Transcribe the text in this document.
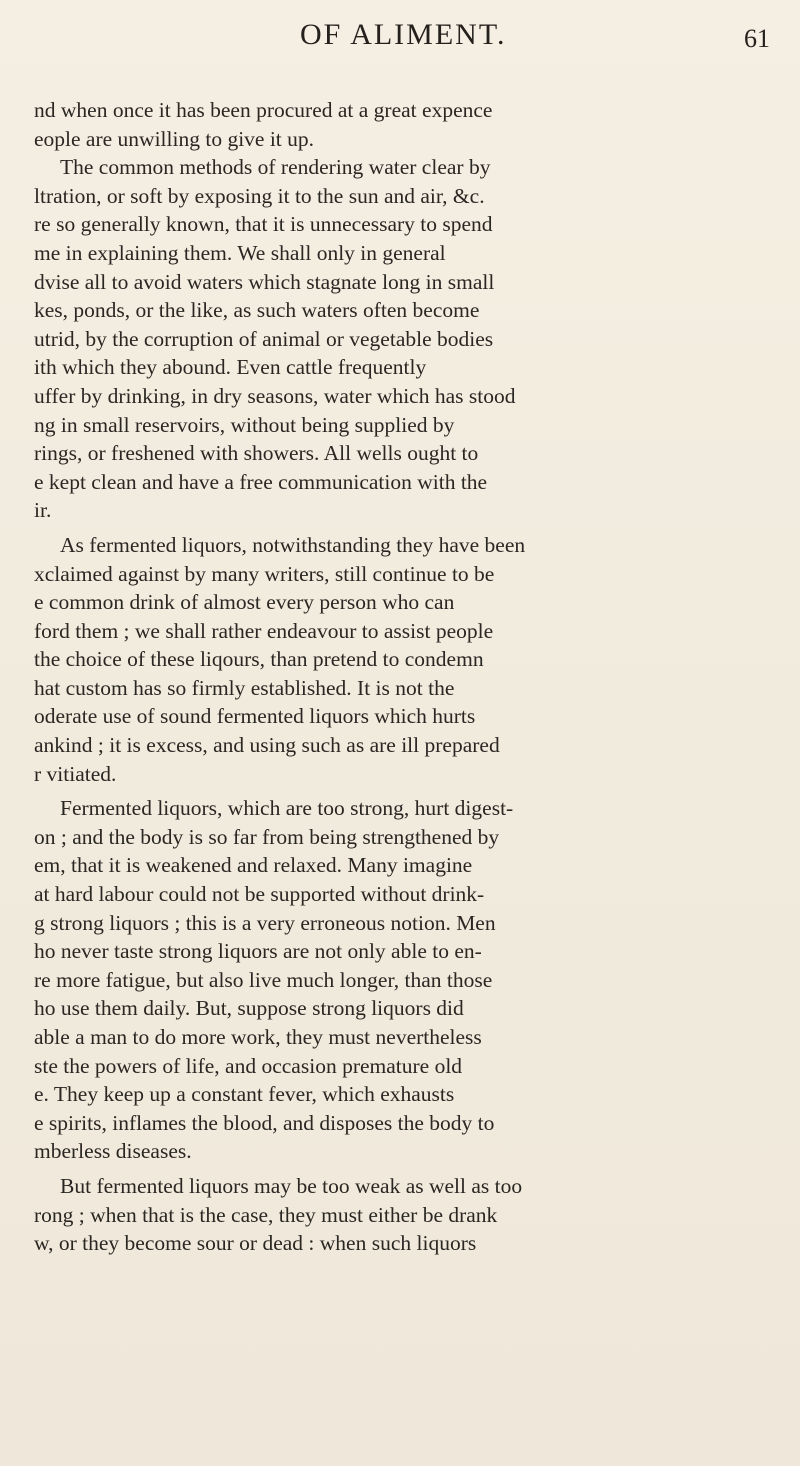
OF ALIMENT.	61
nd when once it has been procured at a great expence
eople are unwilling to give it up.
The common methods of rendering water clear by
ltration, or soft by exposing it to the sun and air, &c.
re so generally known, that it is unnecessary to spend
me in explaining them. We shall only in general
dvise all to avoid waters which stagnate long in small
kes, ponds, or the like, as such waters often become
utrid, by the corruption of animal or vegetable bodies
ith which they abound. Even cattle frequently
uffer by drinking, in dry seasons, water which has stood
ng in small reservoirs, without being supplied by
rings, or freshened with showers. All wells ought to
e kept clean and have a free communication with the
ir.
As fermented liquors, notwithstanding they have been
xclaimed against by many writers, still continue to be
e common drink of almost every person who can
ford them ; we shall rather endeavour to assist people
the choice of these liqours, than pretend to condemn
hat custom has so firmly established. It is not the
oderate use of sound fermented liquors which hurts
ankind ; it is excess, and using such as are ill prepared
r vitiated.
Fermented liquors, which are too strong, hurt digest-
on ; and the body is so far from being strengthened by
em, that it is weakened and relaxed. Many imagine
at hard labour could not be supported without drink-
g strong liquors ; this is a very erroneous notion. Men
ho never taste strong liquors are not only able to en-
re more fatigue, but also live much longer, than those
ho use them daily. But, suppose strong liquors did
able a man to do more work, they must nevertheless
ste the powers of life, and occasion premature old
e. They keep up a constant fever, which exhausts
e spirits, inflames the blood, and disposes the body to
mberless diseases.
But fermented liquors may be too weak as well as too
rong ; when that is the case, they must either be drank
w, or they become sour or dead : when such liquors
